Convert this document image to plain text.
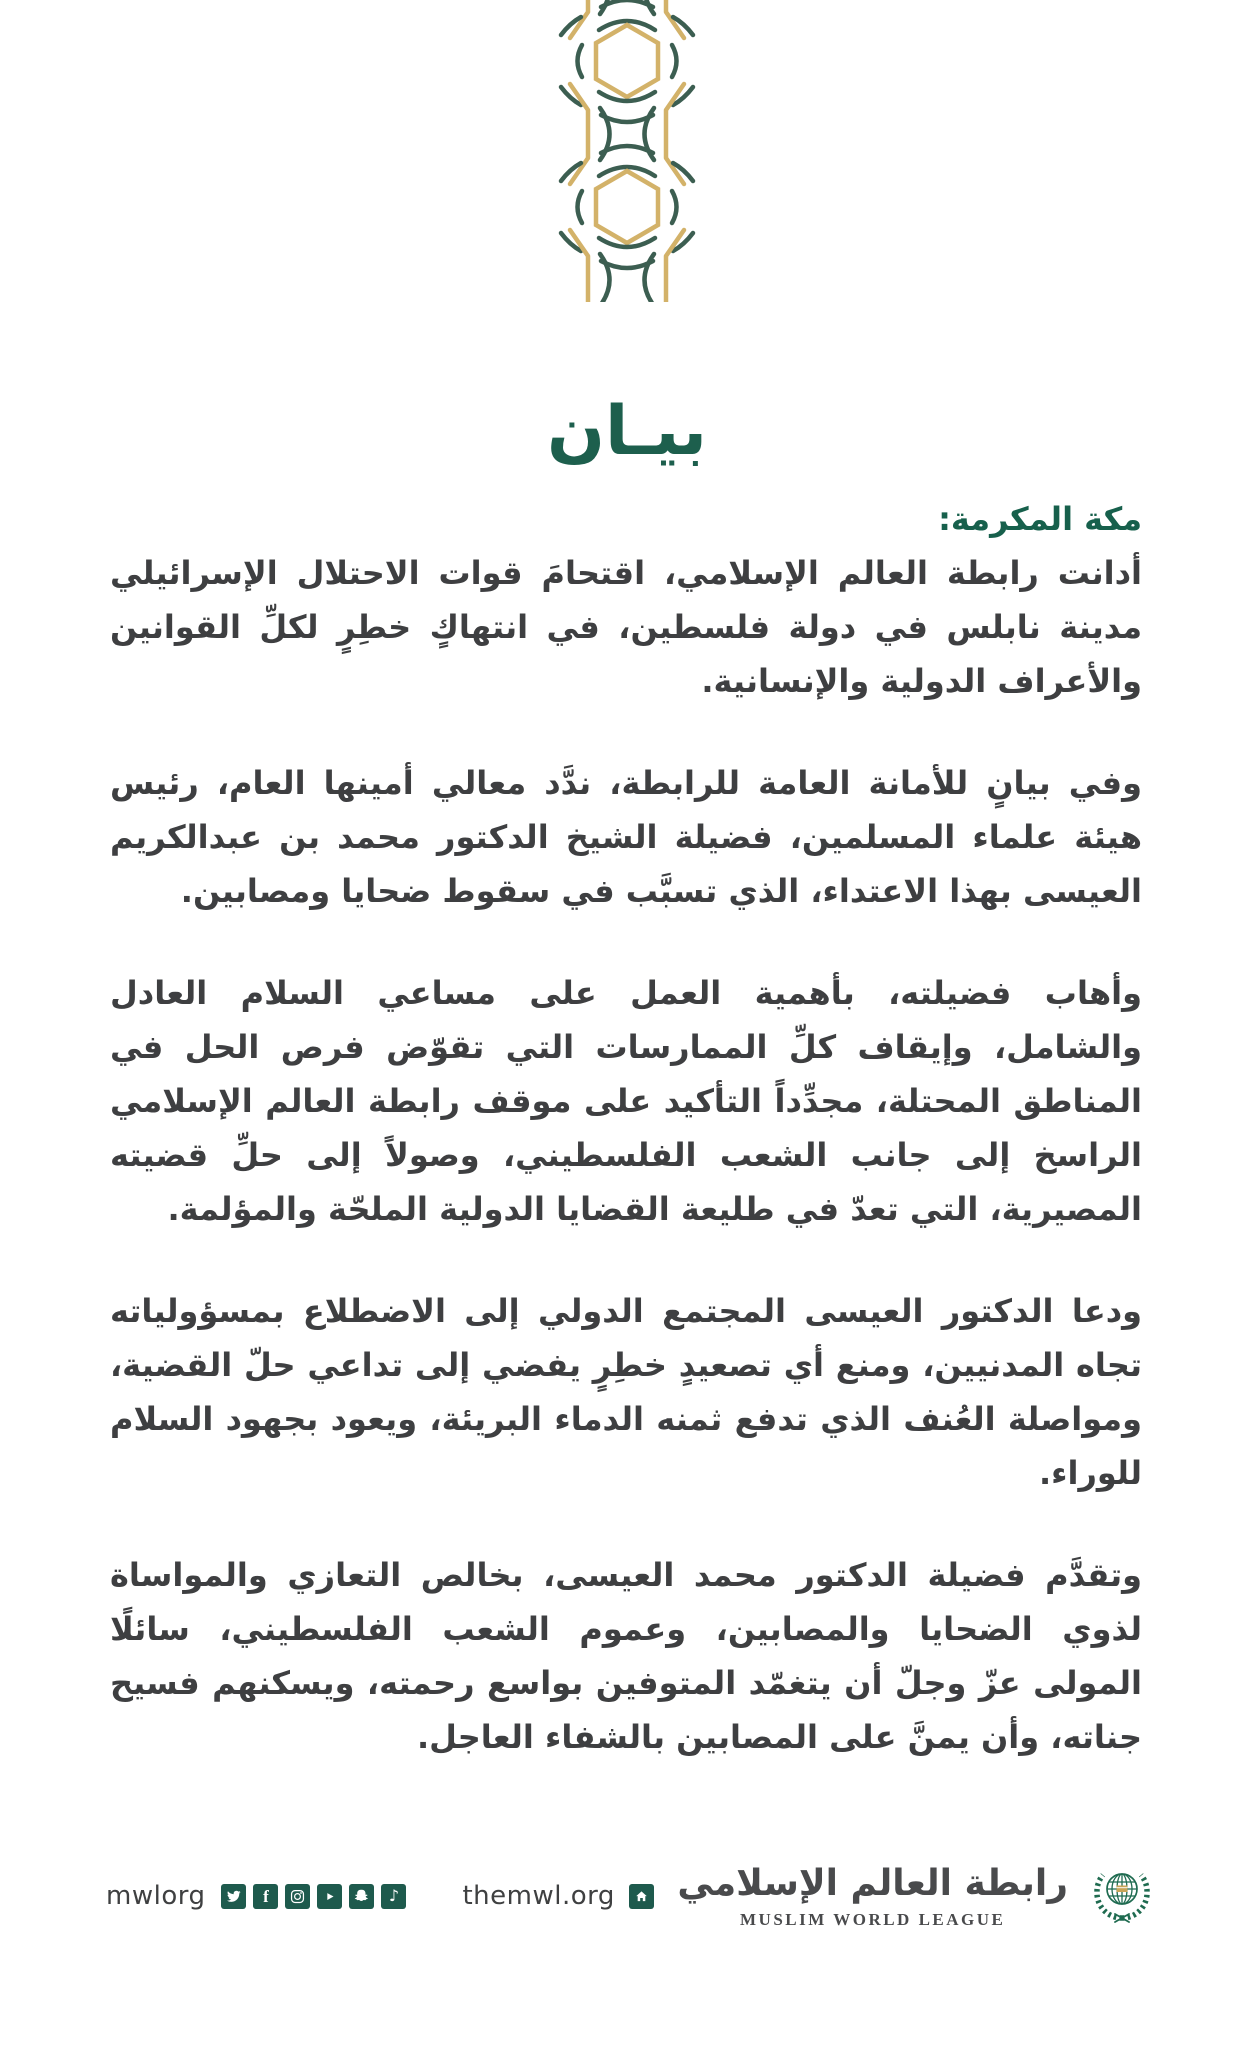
بيـان

مكة المكرمة:
أدانت رابطة العالم الإسلامي، اقتحامَ قوات الاحتلال الإسرائيلي مدينة نابلس في دولة فلسطين، في انتهاكٍ خطِرٍ لكلِّ القوانين والأعراف الدولية والإنسانية.

وفي بيانٍ للأمانة العامة للرابطة، ندَّد معالي أمينها العام، رئيس هيئة علماء المسلمين، فضيلة الشيخ الدكتور محمد بن عبدالكريم العيسى بهذا الاعتداء، الذي تسبَّب في سقوط ضحايا ومصابين.

وأهاب فضيلته، بأهمية العمل على مساعي السلام العادل والشامل، وإيقاف كلِّ الممارسات التي تقوّض فرص الحل في المناطق المحتلة، مجدِّداً التأكيد على موقف رابطة العالم الإسلامي الراسخ إلى جانب الشعب الفلسطيني، وصولاً إلى حلِّ قضيته المصيرية، التي تعدّ في طليعة القضايا الدولية الملحّة والمؤلمة.

ودعا الدكتور العيسى المجتمع الدولي إلى الاضطلاع بمسؤولياته تجاه المدنيين، ومنع أي تصعيدٍ خطِرٍ يفضي إلى تداعي حلّ القضية، ومواصلة العُنف الذي تدفع ثمنه الدماء البريئة، ويعود بجهود السلام للوراء.

وتقدَّم فضيلة الدكتور محمد العيسى، بخالص التعازي والمواساة لذوي الضحايا والمصابين، وعموم الشعب الفلسطيني، سائلًا المولى عزّ وجلّ أن يتغمّد المتوفين بواسع رحمته، ويسكنهم فسيح جناته، وأن يمنَّ على المصابين بالشفاء العاجل.

mwlorg	f	♪ themwl.org رابطة العالم الإسلامي
MUSLIM WORLD LEAGUE
